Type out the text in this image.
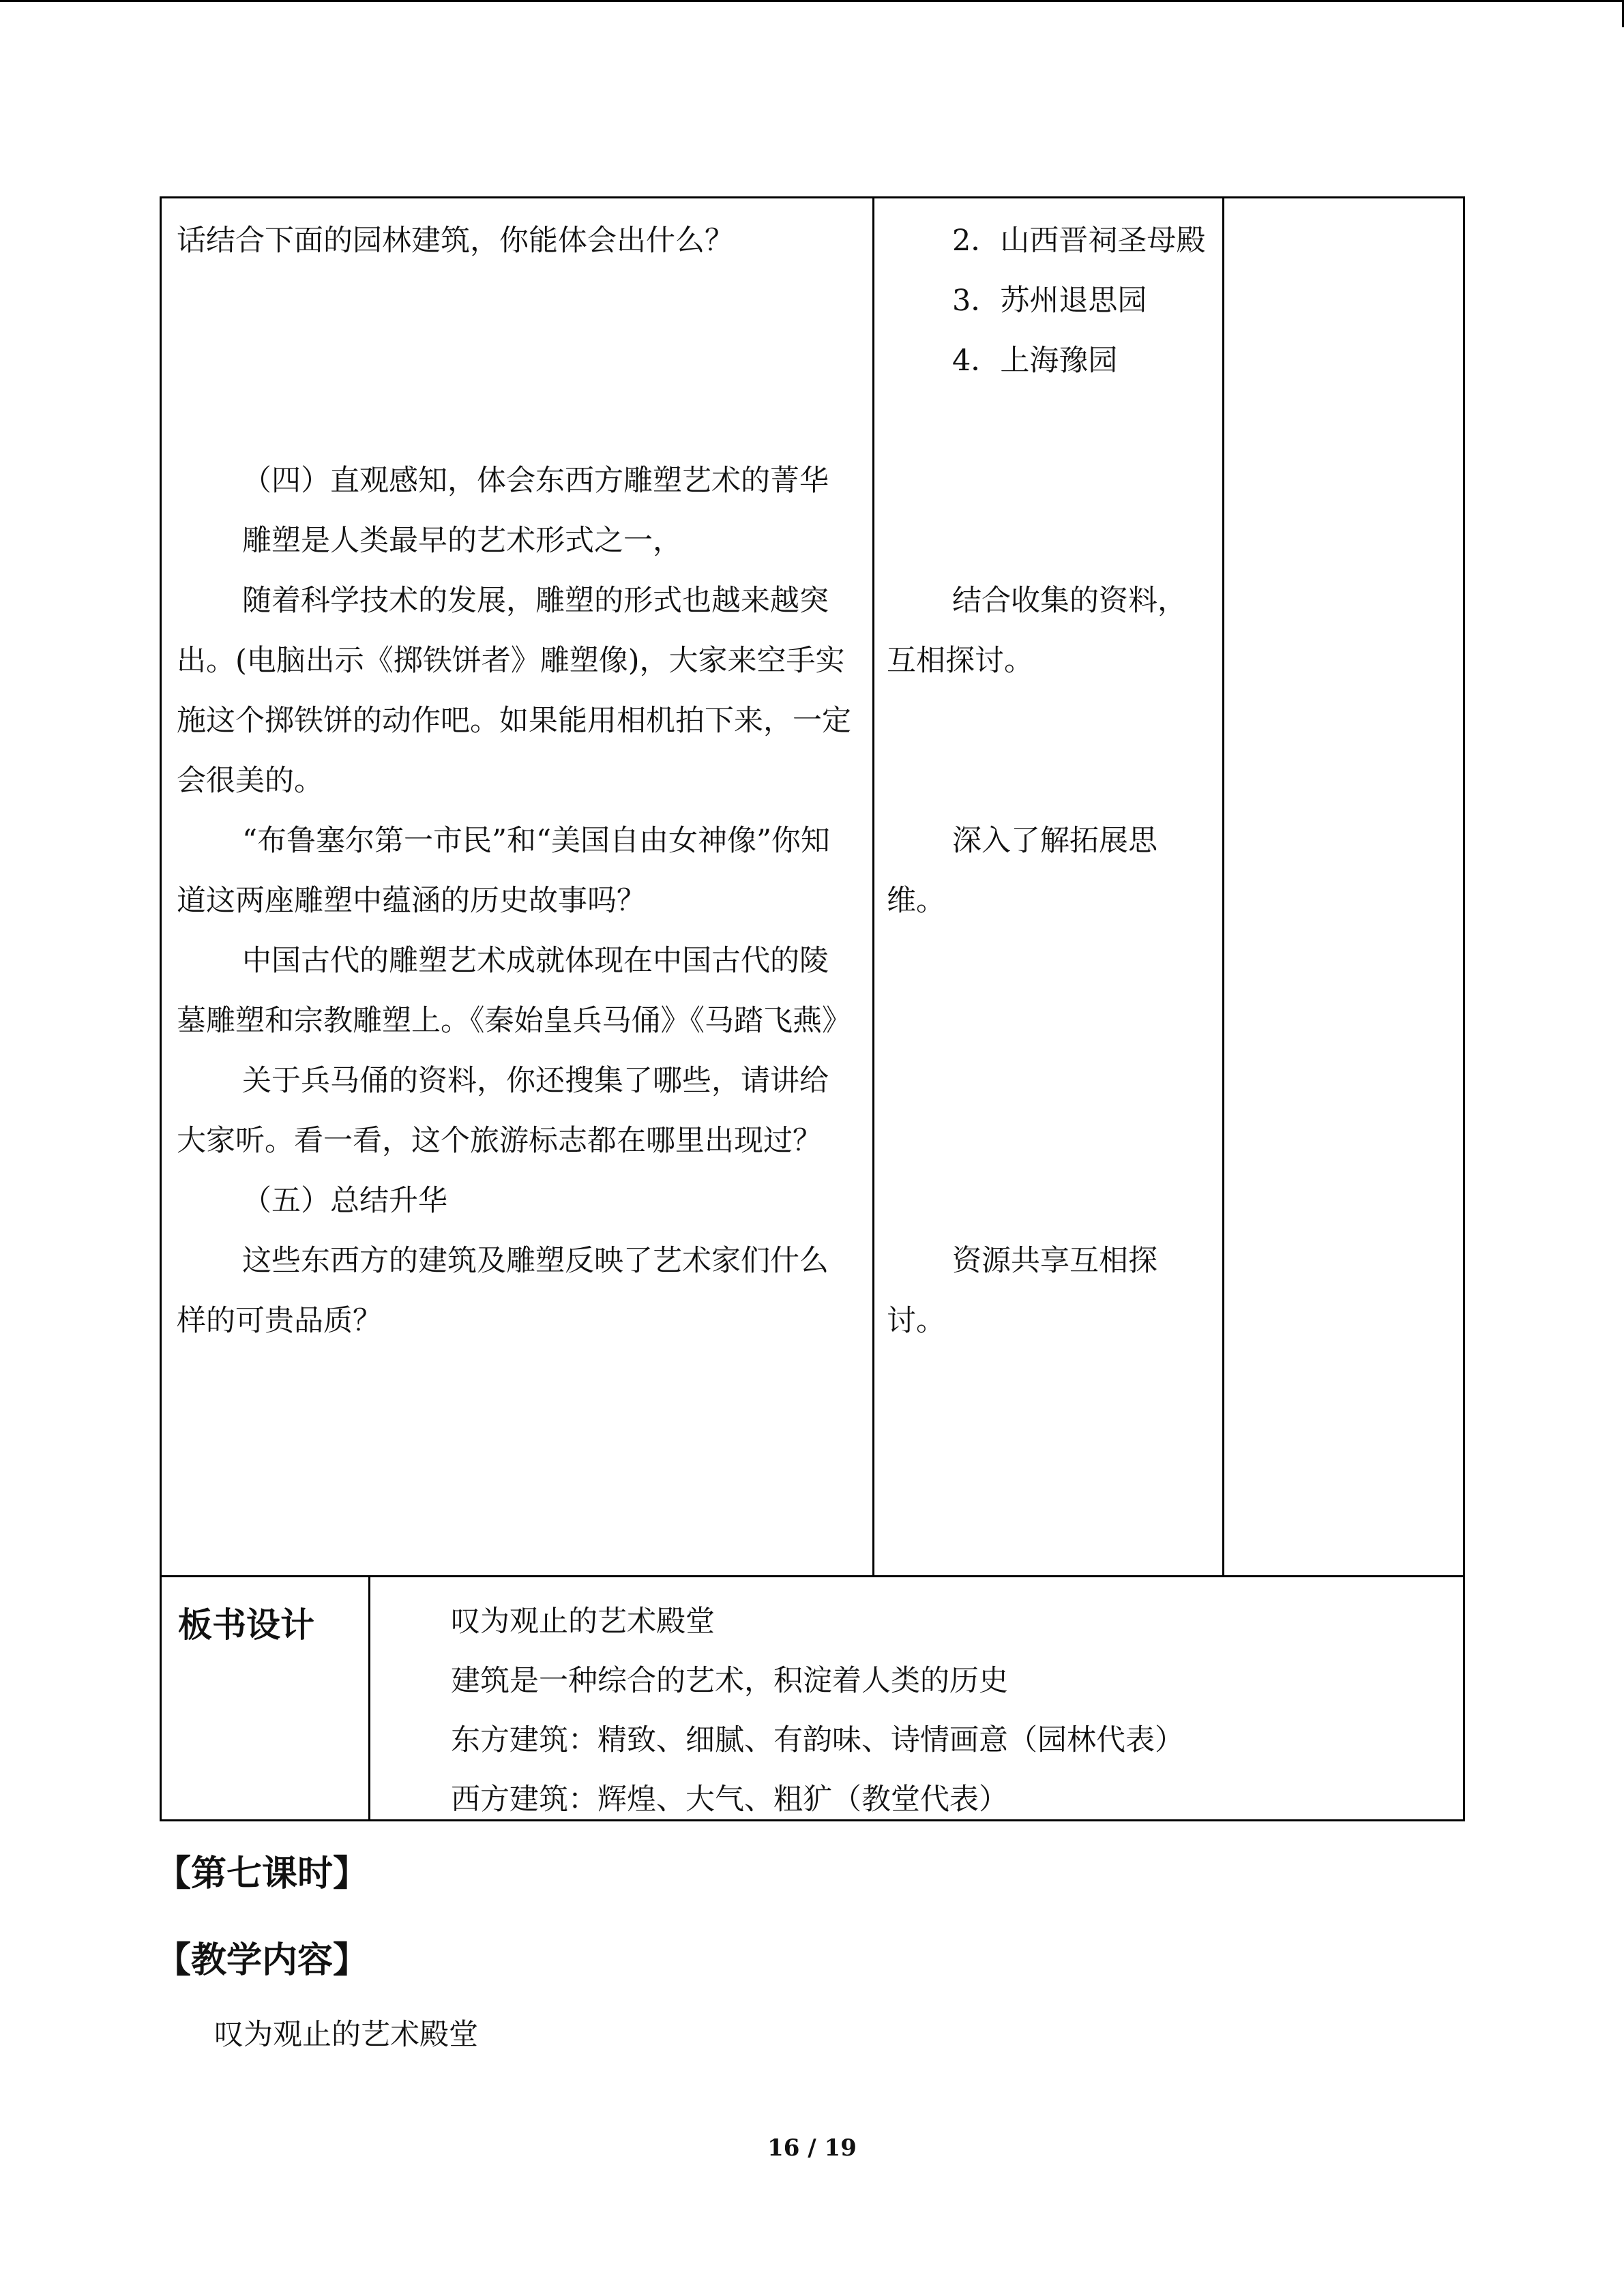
话结合下面的园林建筑，你能体会出什么？

（四）直观感知，体会东西方雕塑艺术的菁华

雕塑是人类最早的艺术形式之一，

随着科学技术的发展，雕塑的形式也越来越突出。(电脑出示《掷铁饼者》雕塑像)，大家来空手实施这个掷铁饼的动作吧。如果能用相机拍下来，一定会很美的。

“布鲁塞尔第一市民”和“美国自由女神像”你知道这两座雕塑中蕴涵的历史故事吗？

中国古代的雕塑艺术成就体现在中国古代的陵墓雕塑和宗教雕塑上。《秦始皇兵马俑》《马踏飞燕》

关于兵马俑的资料，你还搜集了哪些，请讲给大家听。看一看，这个旅游标志都在哪里出现过？

（五）总结升华

这些东西方的建筑及雕塑反映了艺术家们什么样的可贵品质？

2．山西晋祠圣母殿

3．苏州退思园

4．上海豫园

结合收集的资料，互相探讨。

深入了解拓展思维。

资源共享互相探讨。

板书设计	叹为观止的艺术殿堂

建筑是一种综合的艺术，积淀着人类的历史

东方建筑：精致、细腻、有韵味、诗情画意（园林代表）

西方建筑：辉煌、大气、粗犷（教堂代表）

【第七课时】
【教学内容】
叹为观止的艺术殿堂
16 / 19
